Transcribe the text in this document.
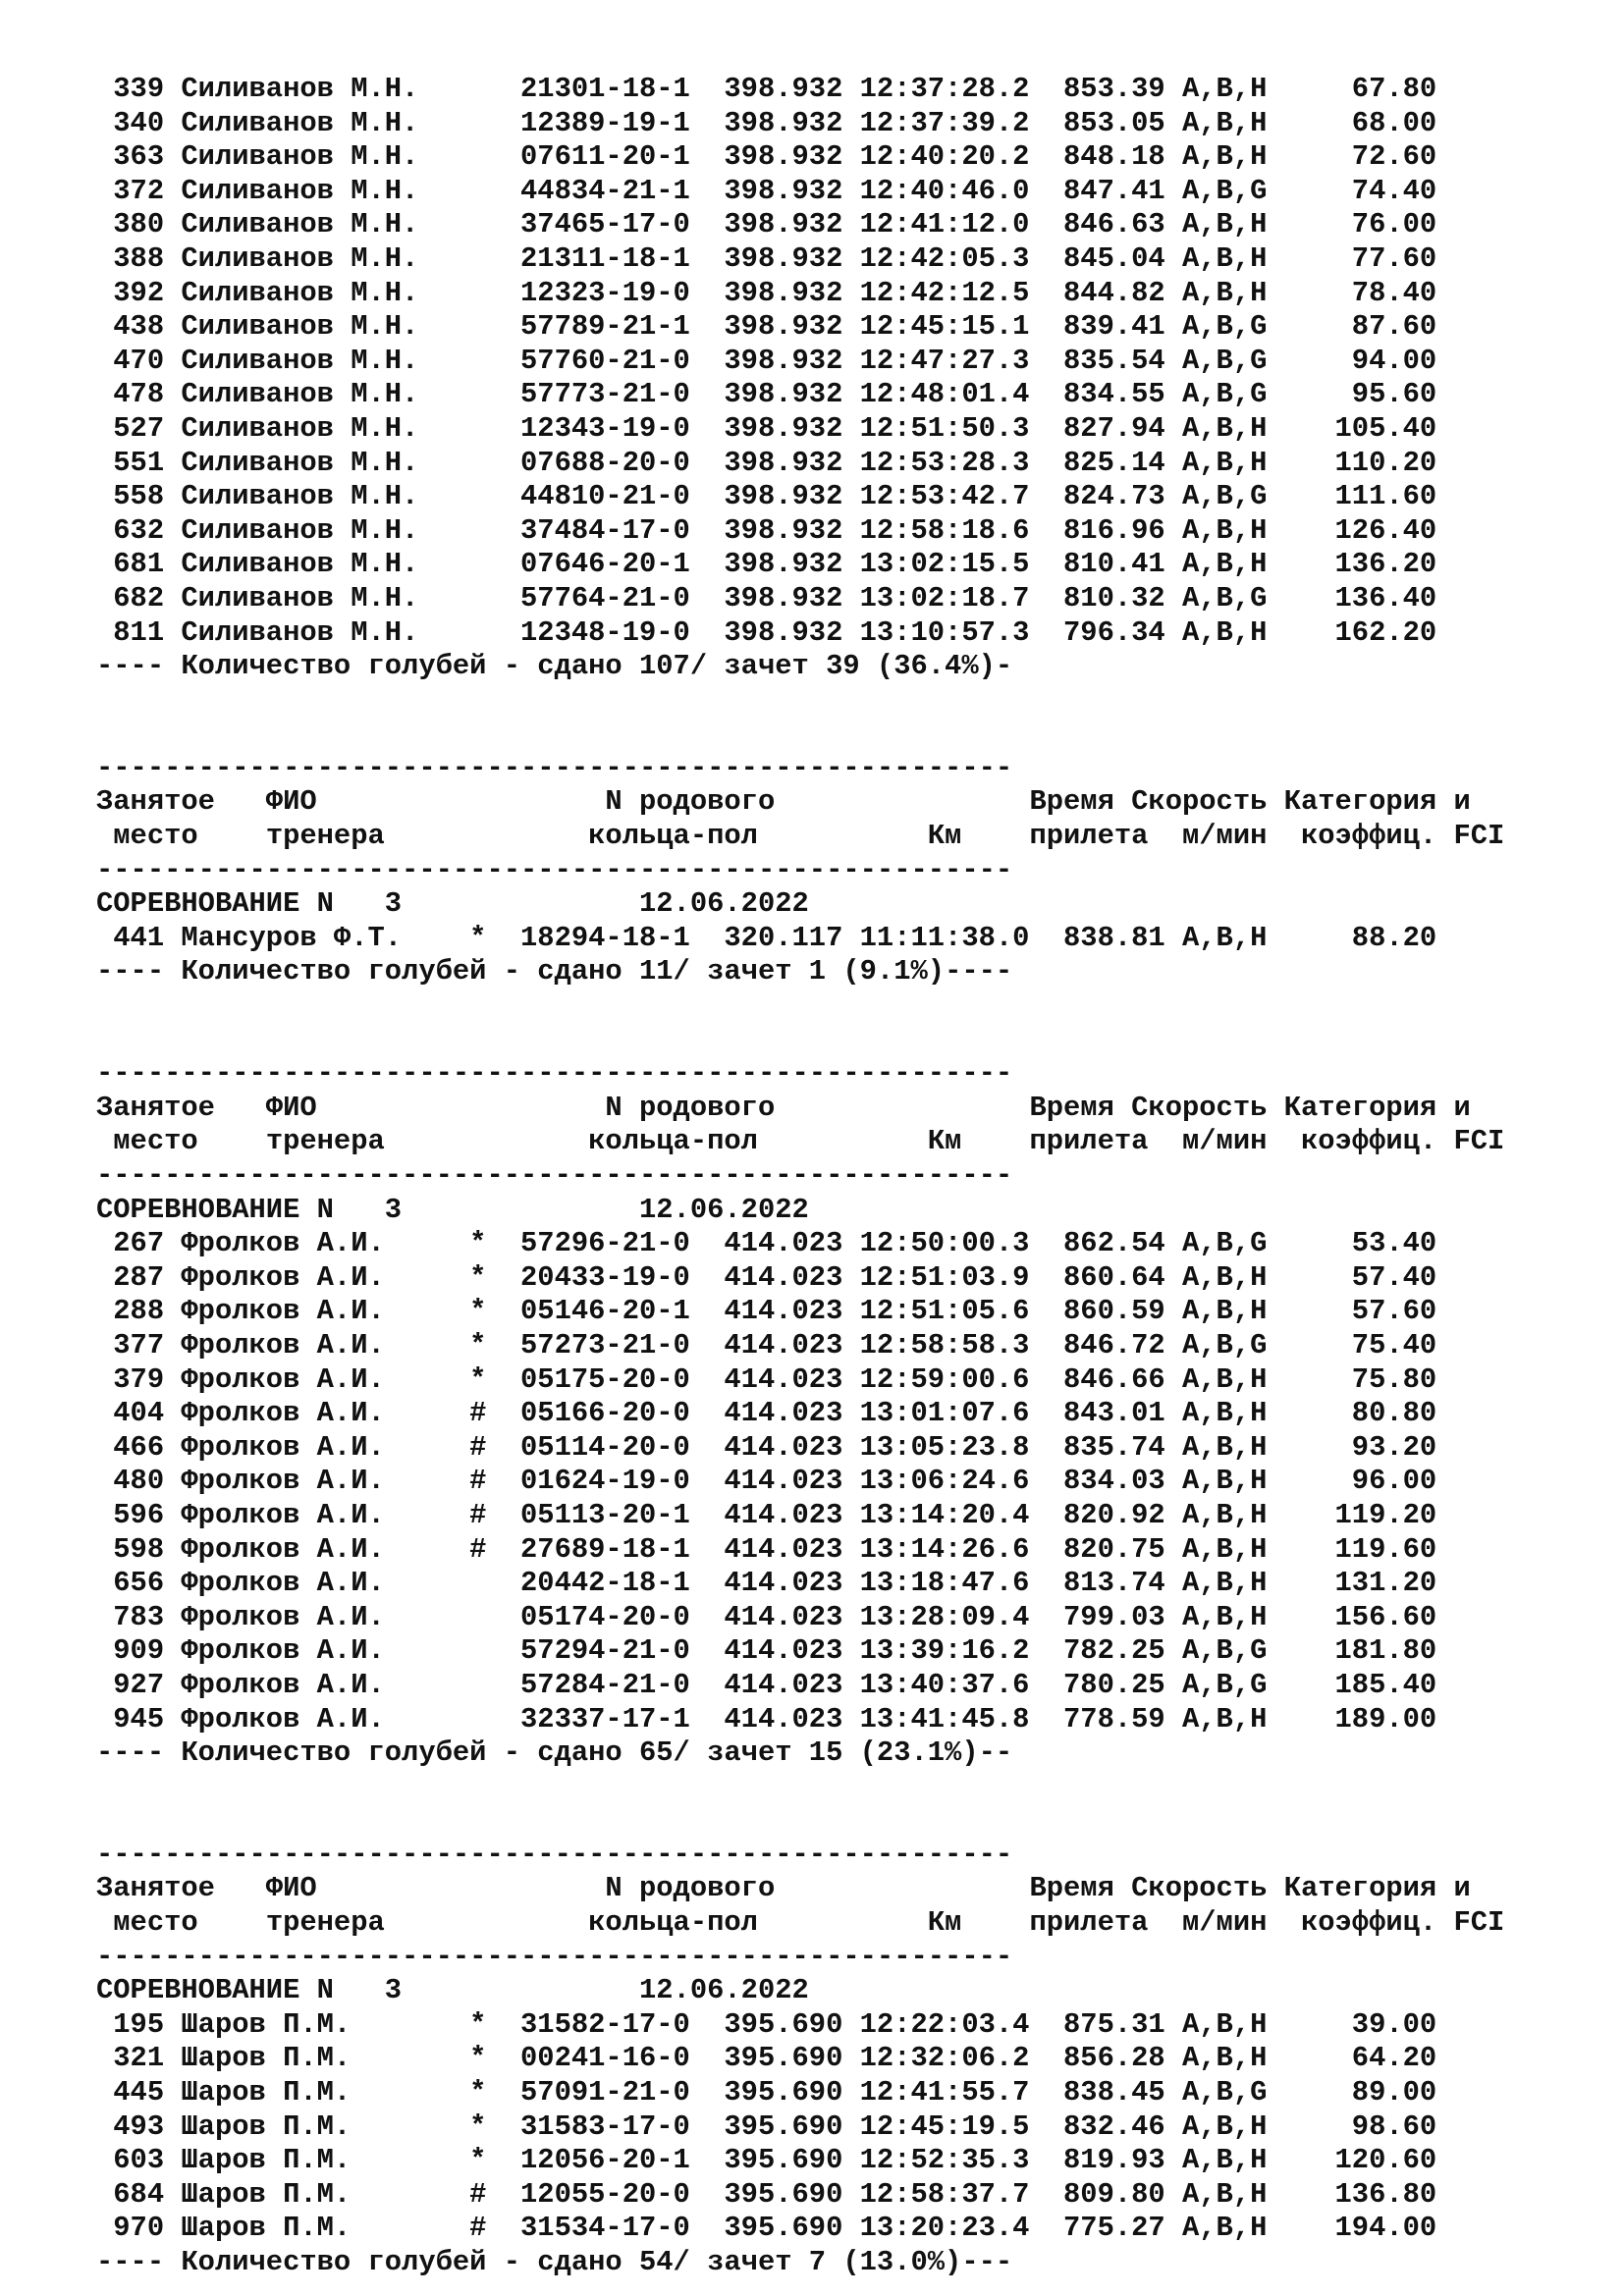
339 Силиванов М.Н.	21301-18-1  398.932 12:37:28.2  853.39 A,B,H     67.80
340 Силиванов М.Н.	12389-19-1  398.932 12:37:39.2  853.05 A,B,H     68.00
363 Силиванов М.Н.	07611-20-1  398.932 12:40:20.2  848.18 A,B,H     72.60
372 Силиванов М.Н.	44834-21-1  398.932 12:40:46.0  847.41 A,B,G     74.40
380 Силиванов М.Н.	37465-17-0  398.932 12:41:12.0  846.63 A,B,H     76.00
388 Силиванов М.Н.	21311-18-1  398.932 12:42:05.3  845.04 A,B,H     77.60
392 Силиванов М.Н.	12323-19-0  398.932 12:42:12.5  844.82 A,B,H     78.40
438 Силиванов М.Н.	57789-21-1  398.932 12:45:15.1  839.41 A,B,G     87.60
470 Силиванов М.Н.	57760-21-0  398.932 12:47:27.3  835.54 A,B,G     94.00
478 Силиванов М.Н.	57773-21-0  398.932 12:48:01.4  834.55 A,B,G     95.60
527 Силиванов М.Н.	12343-19-0  398.932 12:51:50.3  827.94 A,B,H    105.40
551 Силиванов М.Н.	07688-20-0  398.932 12:53:28.3  825.14 A,B,H    110.20
558 Силиванов М.Н.	44810-21-0  398.932 12:53:42.7  824.73 A,B,G    111.60
632 Силиванов М.Н.	37484-17-0  398.932 12:58:18.6  816.96 A,B,H    126.40
681 Силиванов М.Н.	07646-20-1  398.932 13:02:15.5  810.41 A,B,H    136.20
682 Силиванов М.Н.	57764-21-0  398.932 13:02:18.7  810.32 A,B,G    136.40
811 Силиванов М.Н.	12348-19-0  398.932 13:10:57.3  796.34 A,B,H    162.20
---- Количество голубей - сдано 107/ зачет 39 (36.4%)-
------------------------------------------------------
Занятое   ФИО                 N родового               Время Скорость Категория и
место    тренера            кольца-пол          Км    прилета  м/мин  коэффиц. FCI
------------------------------------------------------
СОРЕВНОВАНИЕ N   3              12.06.2022
441 Мансуров Ф.Т.    *  18294-18-1  320.117 11:11:38.0  838.81 A,B,H     88.20
---- Количество голубей - сдано 11/ зачет 1 (9.1%)----
------------------------------------------------------
Занятое   ФИО                 N родового               Время Скорость Категория и
место    тренера            кольца-пол          Км    прилета  м/мин  коэффиц. FCI
------------------------------------------------------
СОРЕВНОВАНИЕ N   3              12.06.2022
267 Фролков А.И.     *  57296-21-0  414.023 12:50:00.3  862.54 A,B,G     53.40
287 Фролков А.И.     *  20433-19-0  414.023 12:51:03.9  860.64 A,B,H     57.40
288 Фролков А.И.     *  05146-20-1  414.023 12:51:05.6  860.59 A,B,H     57.60
377 Фролков А.И.     *  57273-21-0  414.023 12:58:58.3  846.72 A,B,G     75.40
379 Фролков А.И.     *  05175-20-0  414.023 12:59:00.6  846.66 A,B,H     75.80
404 Фролков А.И.     #  05166-20-0  414.023 13:01:07.6  843.01 A,B,H     80.80
466 Фролков А.И.     #  05114-20-0  414.023 13:05:23.8  835.74 A,B,H     93.20
480 Фролков А.И.     #  01624-19-0  414.023 13:06:24.6  834.03 A,B,H     96.00
596 Фролков А.И.     #  05113-20-1  414.023 13:14:20.4  820.92 A,B,H    119.20
598 Фролков А.И.     #  27689-18-1  414.023 13:14:26.6  820.75 A,B,H    119.60
656 Фролков А.И.	20442-18-1  414.023 13:18:47.6  813.74 A,B,H    131.20
783 Фролков А.И.	05174-20-0  414.023 13:28:09.4  799.03 A,B,H    156.60
909 Фролков А.И.	57294-21-0  414.023 13:39:16.2  782.25 A,B,G    181.80
927 Фролков А.И.	57284-21-0  414.023 13:40:37.6  780.25 A,B,G    185.40
945 Фролков А.И.	32337-17-1  414.023 13:41:45.8  778.59 A,B,H    189.00
---- Количество голубей - сдано 65/ зачет 15 (23.1%)--
------------------------------------------------------
Занятое   ФИО                 N родового               Время Скорость Категория и
место    тренера            кольца-пол          Км    прилета  м/мин  коэффиц. FCI
------------------------------------------------------
СОРЕВНОВАНИЕ N   3              12.06.2022
195 Шаров П.М.       *  31582-17-0  395.690 12:22:03.4  875.31 A,B,H     39.00
321 Шаров П.М.       *  00241-16-0  395.690 12:32:06.2  856.28 A,B,H     64.20
445 Шаров П.М.       *  57091-21-0  395.690 12:41:55.7  838.45 A,B,G     89.00
493 Шаров П.М.       *  31583-17-0  395.690 12:45:19.5  832.46 A,B,H     98.60
603 Шаров П.М.       *  12056-20-1  395.690 12:52:35.3  819.93 A,B,H    120.60
684 Шаров П.М.       #  12055-20-0  395.690 12:58:37.7  809.80 A,B,H    136.80
970 Шаров П.М.       #  31534-17-0  395.690 13:20:23.4  775.27 A,B,H    194.00
---- Количество голубей - сдано 54/ зачет 7 (13.0%)---
